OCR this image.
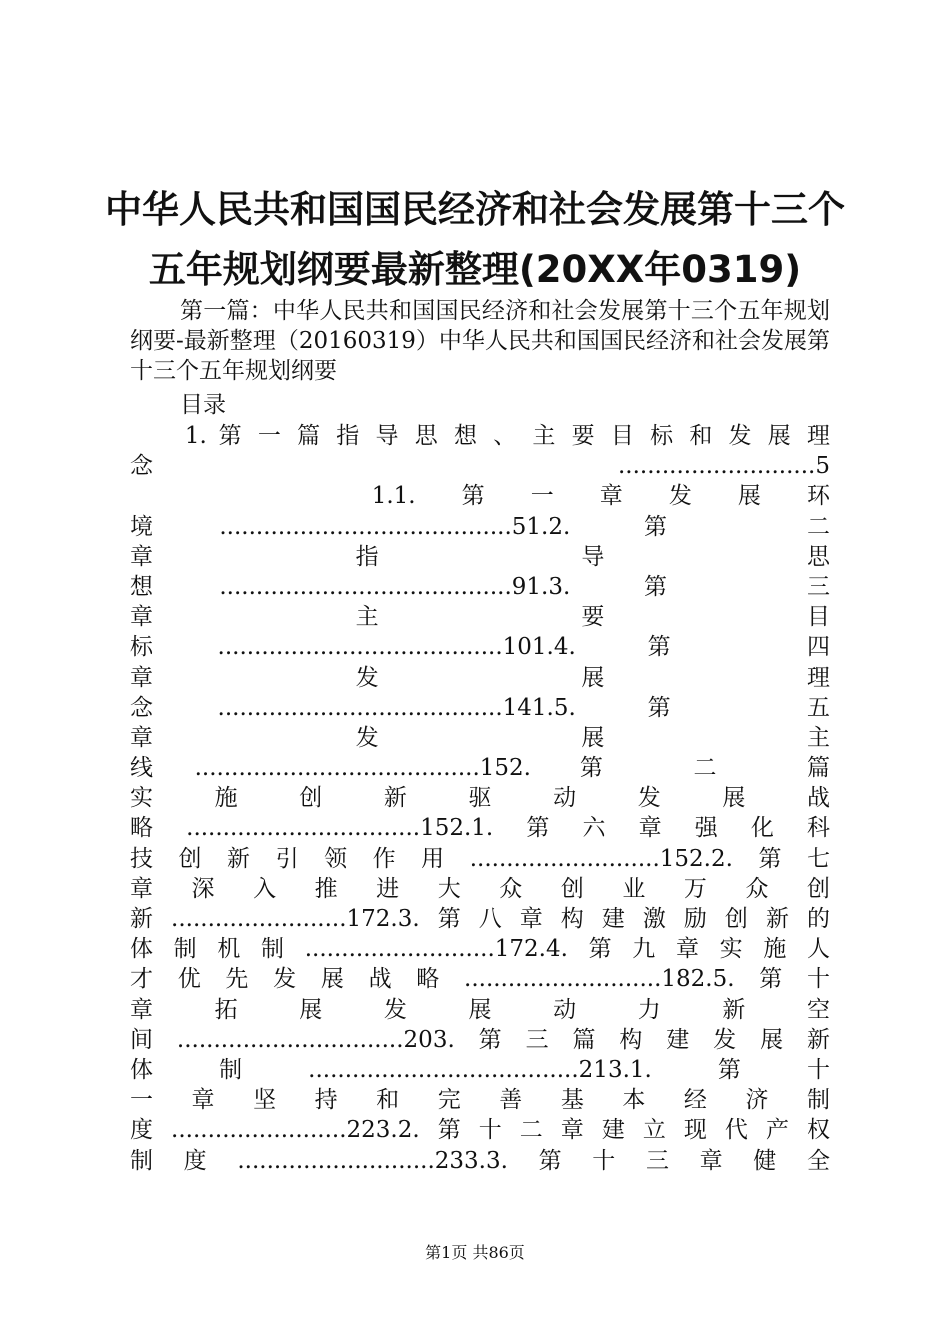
中华人民共和国国民经济和社会发展第十三个
五年规划纲要最新整理(20XX年0319)
第一篇：中华人民共和国国民经济和社会发展第十三个五年规划纲要-最新整理（20160319）中华人民共和国国民经济和社会发展第十三个五年规划纲要
目录
　　1. 第 一 篇 指 导 思 想 、 主 要 目 标 和 发 展 理
念...........................5
　　　　　　　1.1.　第　一　章　发　展　环
境........................................51.2. 第 二
章　　　　　指　　　　　导　　　　　思
想........................................91.3. 第 三
章　　　　　主　　　　　要　　　　　目
标.......................................101.4. 第 四
章　　　　　发　　　　　展　　　　　理
念.......................................141.5. 第 五
章　　　　　发　　　　　展　　　　　主
线.......................................152. 第 二 篇
实　施　创　新　驱　动　发　展　战
略................................152.1.第六章强化科
技创新引领作用..........................152.2.第七
章　深　入　推　进　大　众　创　业　万　众　创
新........................172.3.第八章构建激励创新的
体制机制..........................172.4.第九章实施人
才优先发展战略...........................182.5.第十
章　拓　展　发　展　动　力　新　空
间...............................203.第三篇构建发展新
体制.....................................213.1.第十
一　章　坚　持　和　完　善　基　本　经　济　制
度........................223.2.第十二章建立现代产权
制度...........................233.3.第十三章健全
第1页 共86页
